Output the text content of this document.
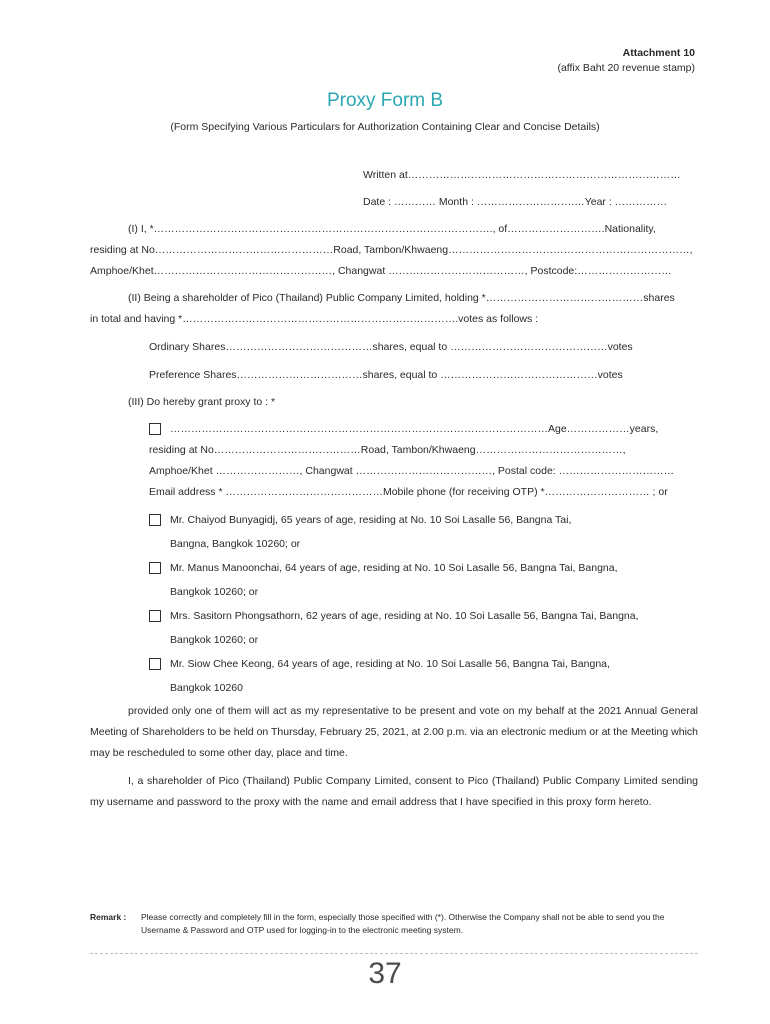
Attachment 10
(affix Baht 20 revenue stamp)
Proxy Form B
(Form Specifying Various Particulars for Authorization Containing Clear and Concise Details)
Written at……………………………………………………………………
Date : ………… Month : ……………………….…Year : ……………
(I) I, *……………………………………………………………………………………., of……………………….Nationality,
residing at No……………………………………………Road, Tambon/Khwaeng……………………………………………………………,
Amphoe/Khet……………………………………………, Changwat …………………………………, Postcode:………………………
(II) Being a shareholder of Pico (Thailand) Public Company Limited, holding *………………………………………shares
in total and having *…………………………………………………………………….votes as follows :
Ordinary Shares……………………………………shares, equal to ………………………………………votes
Preference Shares………………………………shares, equal to ………………………………………votes
(III) Do hereby grant proxy to : *
………………………………………………………………………………………………Age………………years,
residing at No……………………………………Road, Tambon/Khwaeng……………………………………,
Amphoe/Khet ……………………, Changwat …………………………………, Postal code: ……………………………
Email address * ………………………………………Mobile phone (for receiving OTP) *………………………… ; or
Mr. Chaiyod Bunyagidj, 65 years of age, residing at No. 10 Soi Lasalle 56, Bangna Tai,
Bangna, Bangkok 10260; or
Mr. Manus Manoonchai, 64 years of age, residing at No. 10 Soi Lasalle 56, Bangna Tai, Bangna,
Bangkok 10260; or
Mrs. Sasitorn Phongsathorn, 62 years of age, residing at No. 10 Soi Lasalle 56, Bangna Tai, Bangna,
Bangkok 10260; or
Mr. Siow Chee Keong, 64 years of age, residing at No. 10 Soi Lasalle 56, Bangna Tai, Bangna,
Bangkok 10260
provided only one of them will act as my representative to be present and vote on my behalf at the 2021 Annual General Meeting of Shareholders to be held on Thursday, February 25, 2021, at 2.00 p.m. via an electronic medium or at the Meeting which may be rescheduled to some other day, place and time.
I, a shareholder of Pico (Thailand) Public Company Limited, consent to Pico (Thailand) Public Company Limited sending my username and password to the proxy with the name and email address that I have specified in this proxy form hereto.
Remark : Please correctly and completely fill in the form, especially those specified with (*). Otherwise the Company shall not be able to send you the Username & Password and OTP used for logging-in to the electronic meeting system.
37
